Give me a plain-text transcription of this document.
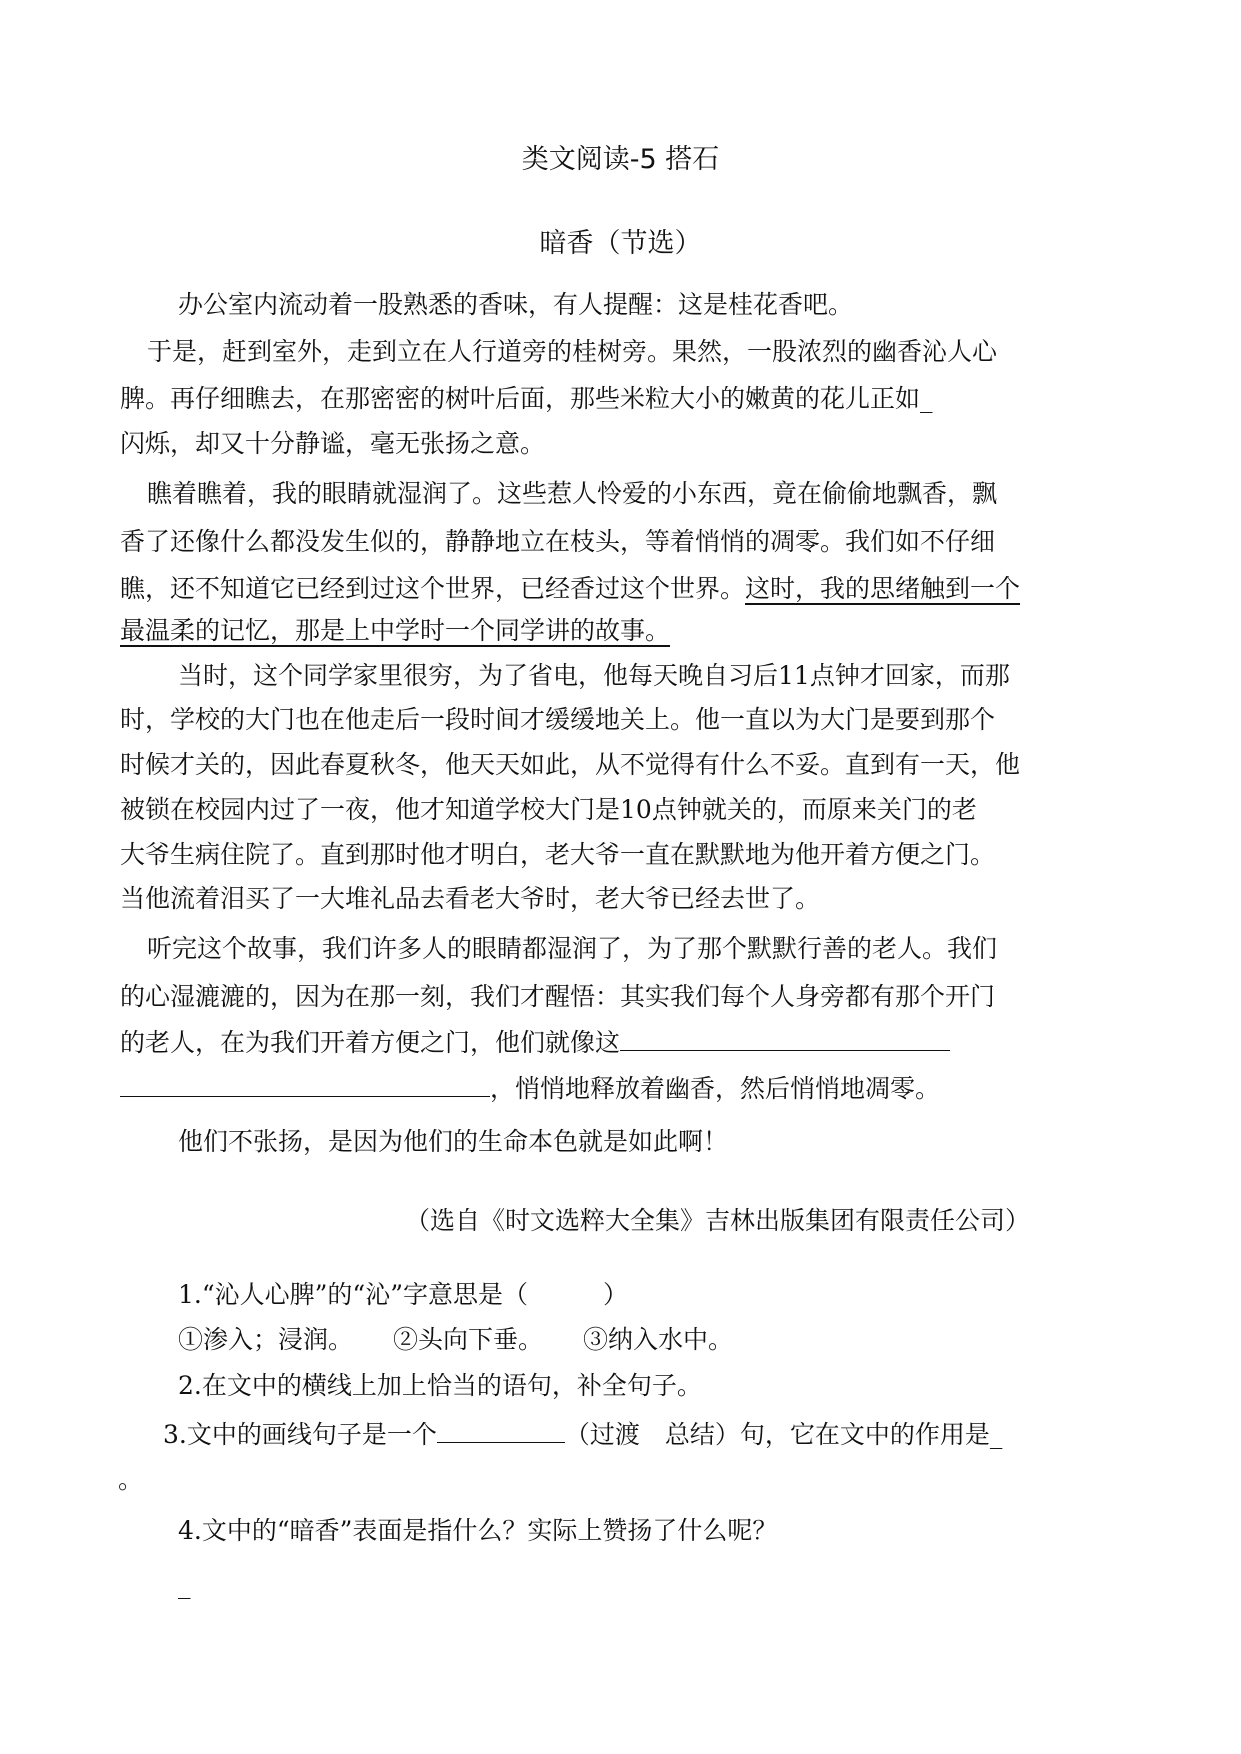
类文阅读-5 搭石
暗香（节选）
办公室内流动着一股熟悉的香味，有人提醒：这是桂花香吧。
于是，赶到室外，走到立在人行道旁的桂树旁。果然，一股浓烈的幽香沁人心
脾。再仔细瞧去，在那密密的树叶后面，那些米粒大小的嫩黄的花儿正如_
闪烁，却又十分静谧，毫无张扬之意。
瞧着瞧着，我的眼睛就湿润了。这些惹人怜爱的小东西，竟在偷偷地飘香，飘
香了还像什么都没发生似的，静静地立在枝头，等着悄悄的凋零。我们如不仔细
瞧，还不知道它已经到过这个世界，已经香过这个世界。这时，我的思绪触到一个
最温柔的记忆，那是上中学时一个同学讲的故事。
当时，这个同学家里很穷，为了省电，他每天晚自习后11点钟才回家，而那
时，学校的大门也在他走后一段时间才缓缓地关上。他一直以为大门是要到那个
时候才关的，因此春夏秋冬，他天天如此，从不觉得有什么不妥。直到有一天，他
被锁在校园内过了一夜，他才知道学校大门是10点钟就关的，而原来关门的老
大爷生病住院了。直到那时他才明白，老大爷一直在默默地为他开着方便之门。
当他流着泪买了一大堆礼品去看老大爷时，老大爷已经去世了。
听完这个故事，我们许多人的眼睛都湿润了，为了那个默默行善的老人。我们
的心湿漉漉的，因为在那一刻，我们才醒悟：其实我们每个人身旁都有那个开门
的老人，在为我们开着方便之门，他们就像这
，悄悄地释放着幽香，然后悄悄地凋零。
他们不张扬，是因为他们的生命本色就是如此啊！
（选自《时文选粹大全集》吉林出版集团有限责任公司）
1.“沁人心脾”的“沁”字意思是（　　　）
①渗入；浸润。 ②头向下垂。 ③纳入水中。
2.在文中的横线上加上恰当的语句，补全句子。
3.文中的画线句子是一个	（过渡　总结）句，它在文中的作用是_
。
4.文中的“暗香”表面是指什么？实际上赞扬了什么呢？
_
